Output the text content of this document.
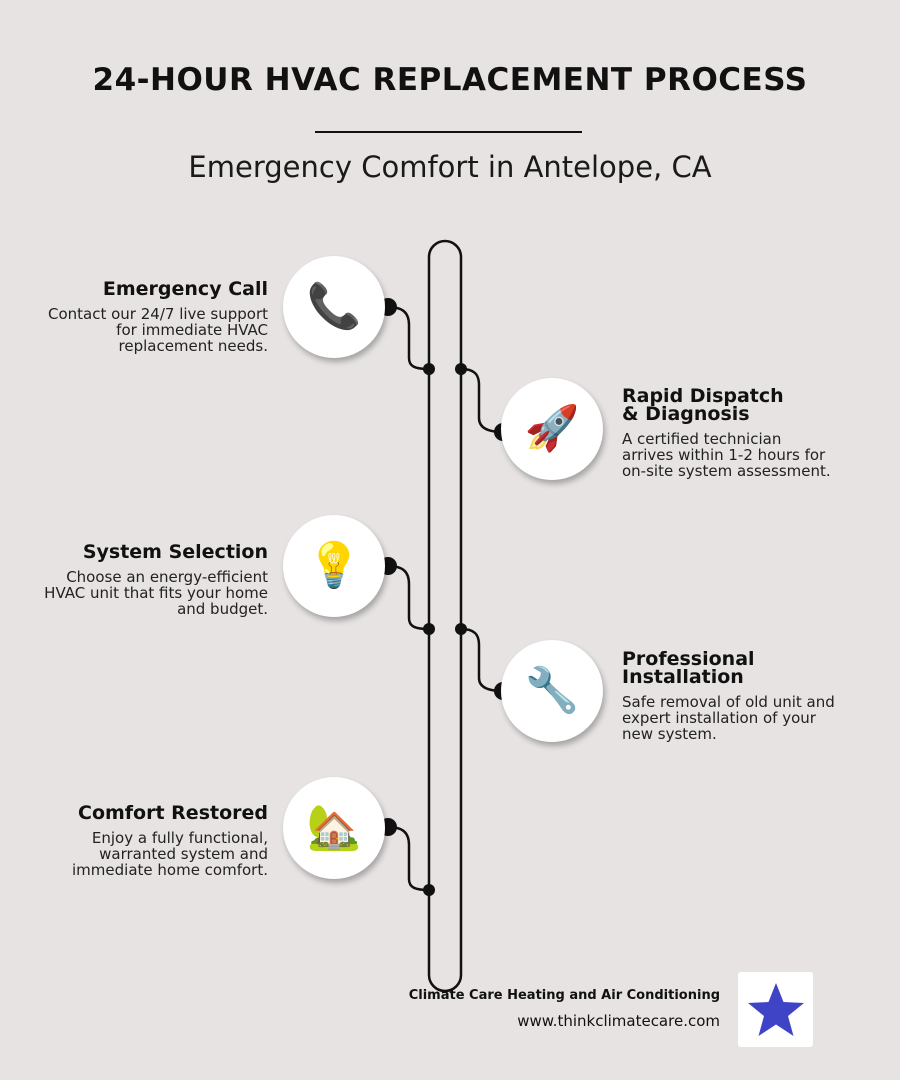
24-HOUR HVAC REPLACEMENT PROCESS
Emergency Comfort in Antelope, CA
📞
Emergency Call
Contact our 24/7 live support for immediate HVAC replacement needs.
🚀
Rapid Dispatch & Diagnosis
A certified technician arrives within 1-2 hours for on-site system assessment.
💡
System Selection
Choose an energy-efficient HVAC unit that fits your home and budget.
🔧
Professional Installation
Safe removal of old unit and expert installation of your new system.
🏡
Comfort Restored
Enjoy a fully functional, warranted system and immediate home comfort.
Climate Care Heating and Air Conditioning
www.thinkclimatecare.com
